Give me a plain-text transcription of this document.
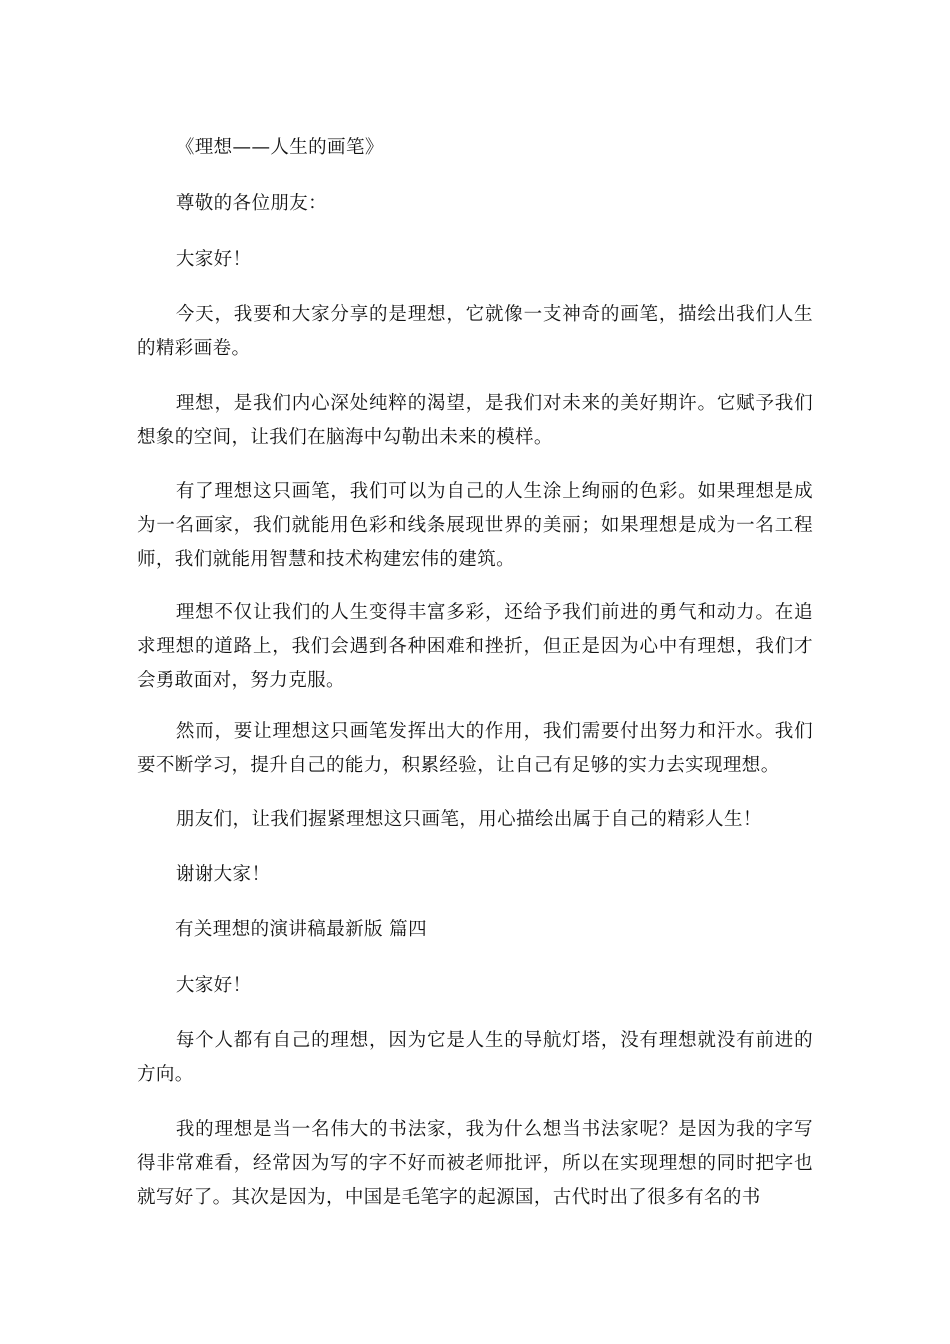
《理想——人生的画笔》

尊敬的各位朋友：

大家好！

今天，我要和大家分享的是理想，它就像一支神奇的画笔，描绘出我们人生的精彩画卷。

理想，是我们内心深处纯粹的渴望，是我们对未来的美好期许。它赋予我们想象的空间，让我们在脑海中勾勒出未来的模样。

有了理想这只画笔，我们可以为自己的人生涂上绚丽的色彩。如果理想是成为一名画家，我们就能用色彩和线条展现世界的美丽；如果理想是成为一名工程师，我们就能用智慧和技术构建宏伟的建筑。

理想不仅让我们的人生变得丰富多彩，还给予我们前进的勇气和动力。在追求理想的道路上，我们会遇到各种困难和挫折，但正是因为心中有理想，我们才会勇敢面对，努力克服。

然而，要让理想这只画笔发挥出大的作用，我们需要付出努力和汗水。我们要不断学习，提升自己的能力，积累经验，让自己有足够的实力去实现理想。

朋友们，让我们握紧理想这只画笔，用心描绘出属于自己的精彩人生！

谢谢大家！

有关理想的演讲稿最新版 篇四

大家好！

每个人都有自己的理想，因为它是人生的导航灯塔，没有理想就没有前进的方向。

我的理想是当一名伟大的书法家，我为什么想当书法家呢？是因为我的字写得非常难看，经常因为写的字不好而被老师批评，所以在实现理想的同时把字也就写好了。其次是因为，中国是毛笔字的起源国，古代时出了很多有名的书
